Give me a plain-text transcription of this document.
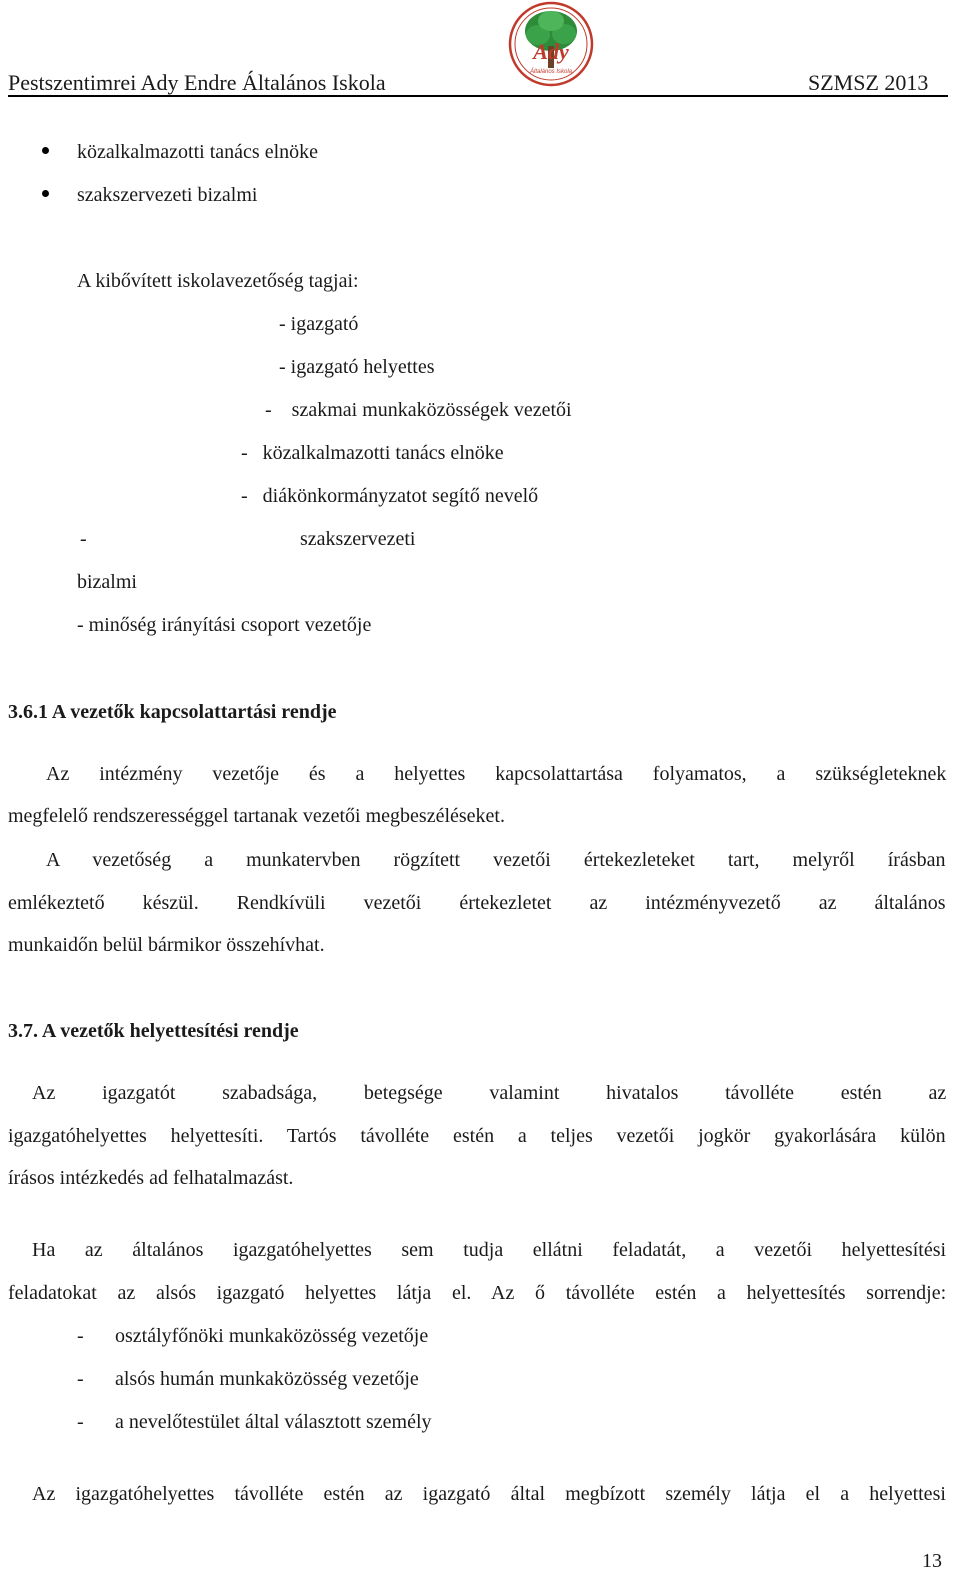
Pestszentimrei Ady Endre Általános Iskola	SZMSZ 2013
Ady
Általános Iskola
közalkalmazotti tanács elnöke
szakszervezeti bizalmi
A kibővített iskolavezetőség tagjai:
- igazgató
- igazgató helyettes
-    szakmai munkaközösségek vezetői
-   közalkalmazotti tanács elnöke
-   diákönkormányzatot segítő nevelő
-	szakszervezeti
bizalmi
- minőség irányítási csoport vezetője
3.6.1 A vezetők kapcsolattartási rendje
Az intézmény vezetője és a helyettes kapcsolattartása folyamatos, a szükségleteknek
megfelelő rendszerességgel tartanak vezetői megbeszéléseket.
A vezetőség a munkatervben rögzített vezetői értekezleteket tart, melyről írásban
emlékeztető készül. Rendkívüli vezetői értekezletet az intézményvezető az általános
munkaidőn belül bármikor összehívhat.
3.7. A vezetők helyettesítési rendje
Az igazgatót szabadsága, betegsége valamint hivatalos távolléte estén az
igazgatóhelyettes helyettesíti. Tartós távolléte estén a teljes vezetői jogkör gyakorlására külön
írásos intézkedés ad felhatalmazást.
Ha az általános igazgatóhelyettes sem tudja ellátni feladatát, a vezetői helyettesítési
feladatokat az alsós igazgató helyettes látja el. Az ő távolléte estén a helyettesítés sorrendje:
- osztályfőnöki munkaközösség vezetője
- alsós humán munkaközösség vezetője
- a nevelőtestület által választott személy
Az igazgatóhelyettes távolléte estén az igazgató által megbízott személy látja el a helyettesi
13
